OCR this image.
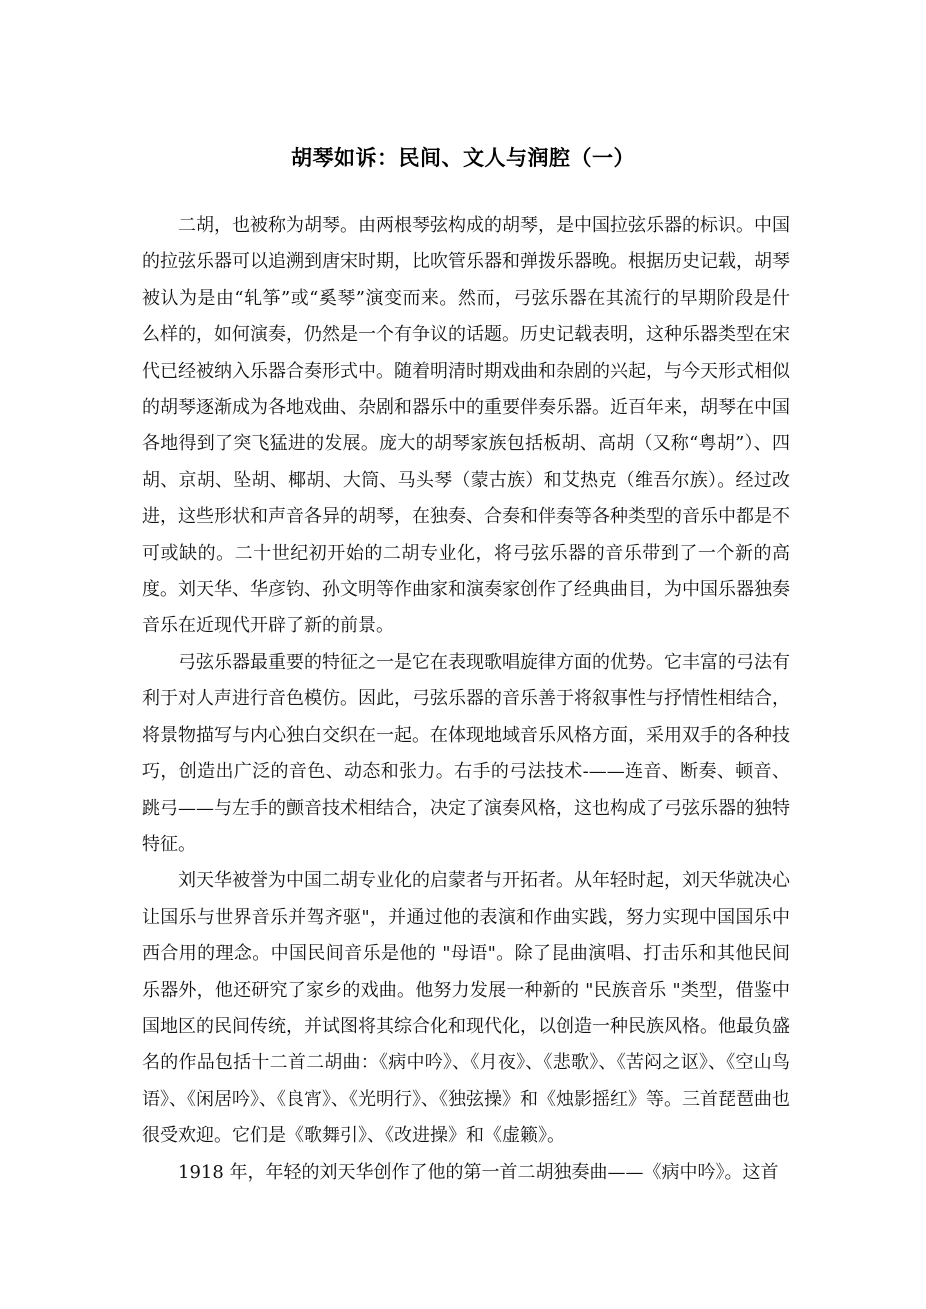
胡琴如诉：民间、文人与润腔（一）

二胡，也被称为胡琴。由两根琴弦构成的胡琴，是中国拉弦乐器的标识。中国的拉弦乐器可以追溯到唐宋时期，比吹管乐器和弹拨乐器晚。根据历史记载，胡琴被认为是由“轧筝”或“奚琴”演变而来。然而，弓弦乐器在其流行的早期阶段是什么样的，如何演奏，仍然是一个有争议的话题。历史记载表明，这种乐器类型在宋代已经被纳入乐器合奏形式中。随着明清时期戏曲和杂剧的兴起，与今天形式相似的胡琴逐渐成为各地戏曲、杂剧和器乐中的重要伴奏乐器。近百年来，胡琴在中国各地得到了突飞猛进的发展。庞大的胡琴家族包括板胡、高胡（又称“粤胡”）、四胡、京胡、坠胡、椰胡、大筒、马头琴（蒙古族）和艾热克（维吾尔族）。经过改进，这些形状和声音各异的胡琴，在独奏、合奏和伴奏等各种类型的音乐中都是不可或缺的。二十世纪初开始的二胡专业化，将弓弦乐器的音乐带到了一个新的高度。刘天华、华彦钧、孙文明等作曲家和演奏家创作了经典曲目，为中国乐器独奏音乐在近现代开辟了新的前景。

弓弦乐器最重要的特征之一是它在表现歌唱旋律方面的优势。它丰富的弓法有利于对人声进行音色模仿。因此，弓弦乐器的音乐善于将叙事性与抒情性相结合，将景物描写与内心独白交织在一起。在体现地域音乐风格方面，采用双手的各种技巧，创造出广泛的音色、动态和张力。右手的弓法技术-——连音、断奏、顿音、跳弓——与左手的颤音技术相结合，决定了演奏风格，这也构成了弓弦乐器的独特特征。

刘天华被誉为中国二胡专业化的启蒙者与开拓者。从年轻时起，刘天华就决心 让国乐与世界音乐并驾齐驱"，并通过他的表演和作曲实践，努力实现中国国乐中西合用的理念。中国民间音乐是他的 "母语"。除了昆曲演唱、打击乐和其他民间乐器外，他还研究了家乡的戏曲。他努力发展一种新的 "民族音乐 "类型，借鉴中国地区的民间传统，并试图将其综合化和现代化，以创造一种民族风格。他最负盛名的作品包括十二首二胡曲：《病中吟》、《月夜》、《悲歌》、《苦闷之讴》、《空山鸟语》、《闲居吟》、《良宵》、《光明行》、《独弦操》和《烛影摇红》等。三首琵琶曲也很受欢迎。它们是《歌舞引》、《改进操》和《虚籁》。

1918 年，年轻的刘天华创作了他的第一首二胡独奏曲——《病中吟》。这首
